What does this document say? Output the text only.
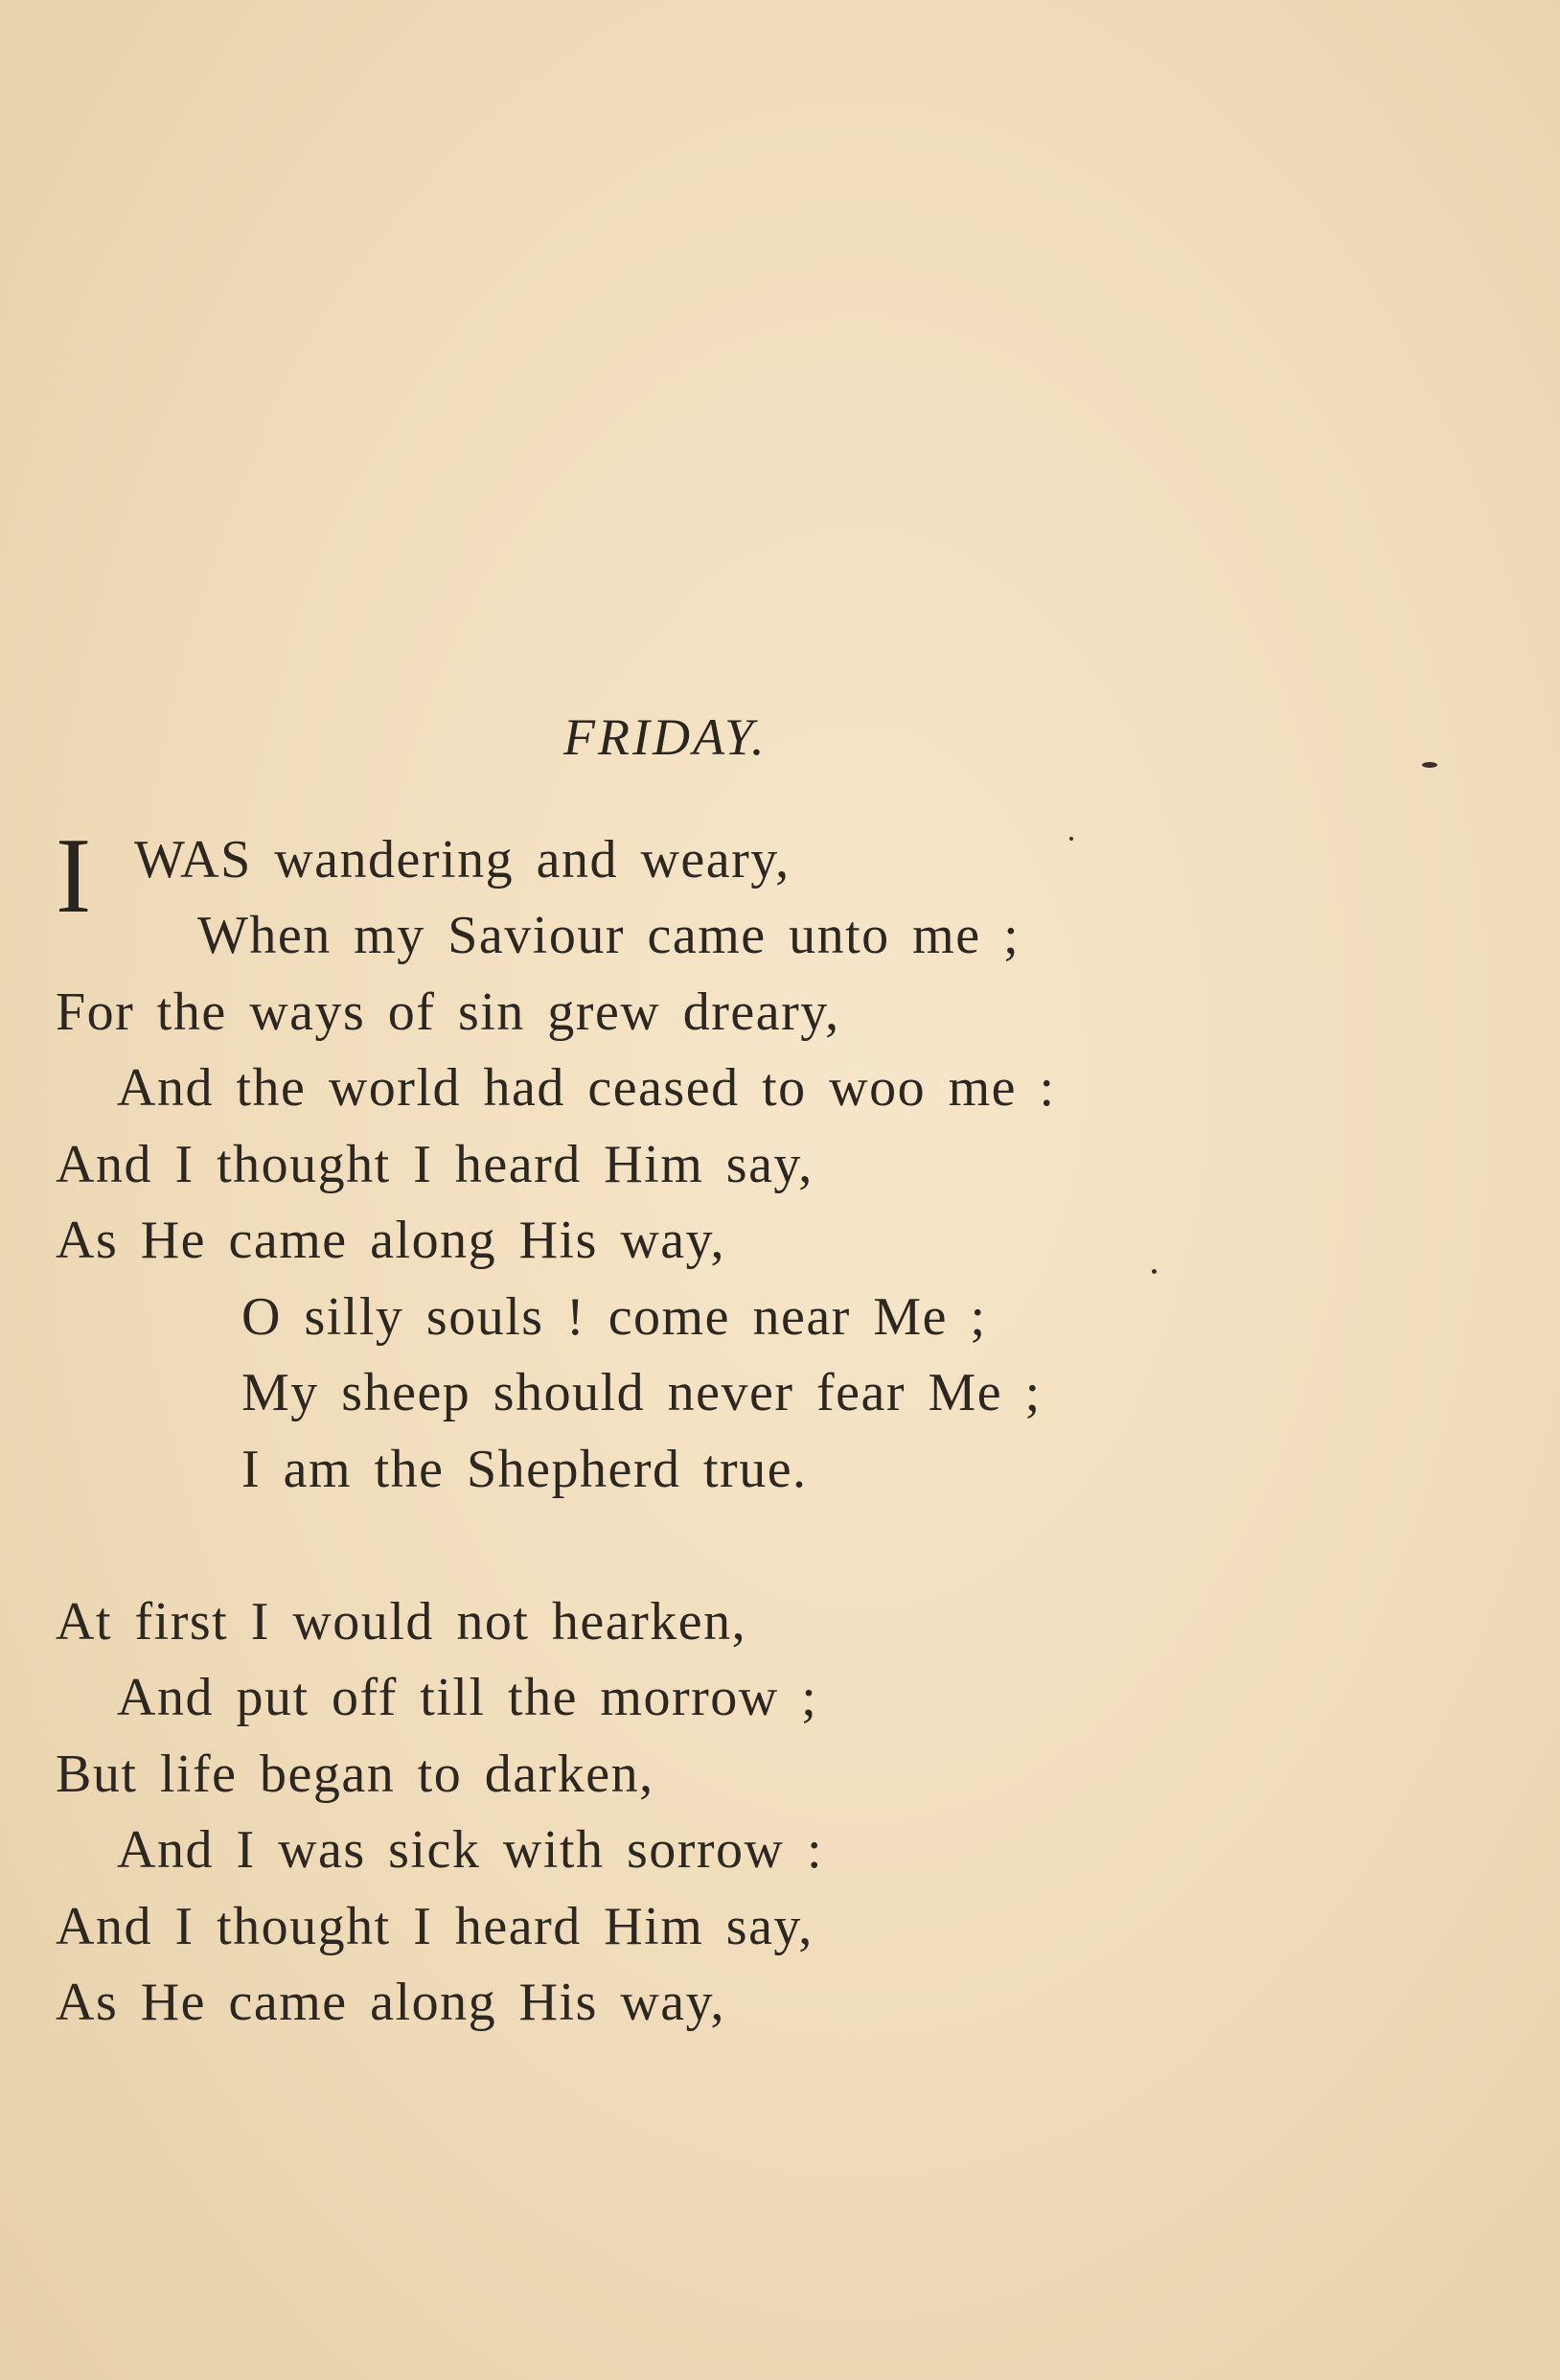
FRIDAY.
I WAS wandering and weary,
When my Saviour came unto me ;
For the ways of sin grew dreary,
And the world had ceased to woo me :
And I thought I heard Him say,
As He came along His way,
O silly souls ! come near Me ;
My sheep should never fear Me ;
I am the Shepherd true.
At first I would not hearken,
And put off till the morrow ;
But life began to darken,
And I was sick with sorrow :
And I thought I heard Him say,
As He came along His way,
